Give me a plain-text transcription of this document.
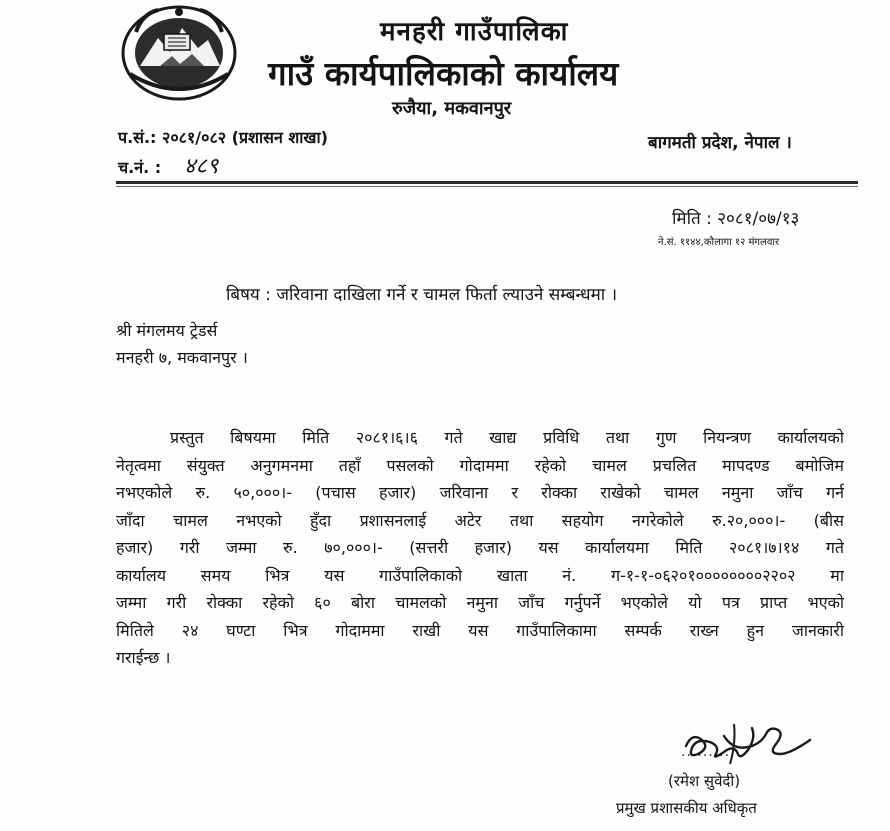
मनहरी गाउँपालिका
गाउँ कार्यपालिकाको कार्यालय
रुजैया, मकवानपुर
प.सं.: २०८१/०८२ (प्रशासन शाखा)	बागमती प्रदेश, नेपाल ।
च.नं. : ४८९
मिति : २०८१/०७/१३
ने.सं. ११४४,कौलागा १२ मंगलवार
बिषय : जरिवाना दाखिला गर्ने र चामल फिर्ता ल्याउने सम्बन्धमा ।
श्री मंगलमय ट्रेडर्स
मनहरी ७, मकवानपुर ।
प्रस्तुत बिषयमा मिति २०८१।६।६ गते खाद्य प्रविधि तथा गुण नियन्त्रण कार्यालयको
नेतृत्वमा संयुक्त अनुगमनमा तहाँ पसलको गोदाममा रहेको चामल प्रचलित मापदण्ड बमोजिम
नभएकोले रु. ५०,०००।- (पचास हजार) जरिवाना र रोक्का राखेको चामल नमुना जाँच गर्न
जाँदा चामल नभएको हुँदा प्रशासनलाई अटेर तथा सहयोग नगरेकोले रु.२०,०००।- (बीस
हजार) गरी जम्मा रु. ७०,०००।- (सत्तरी हजार) यस कार्यालयमा मिति २०८१।७।१४ गते
कार्यालय समय भित्र यस गाउँपालिकाको खाता नं. ग-१-१-०६२०१००००००००२२०२ मा
जम्मा गरी रोक्का रहेको ६० बोरा चामलको नमुना जाँच गर्नुपर्ने भएकोले यो पत्र प्राप्त भएको
मितिले २४ घण्टा भित्र गोदाममा राखी यस गाउँपालिकामा सम्पर्क राख्न हुन जानकारी
गराईन्छ ।
..........
(रमेश सुवेदी)
प्रमुख प्रशासकीय अधिकृत
